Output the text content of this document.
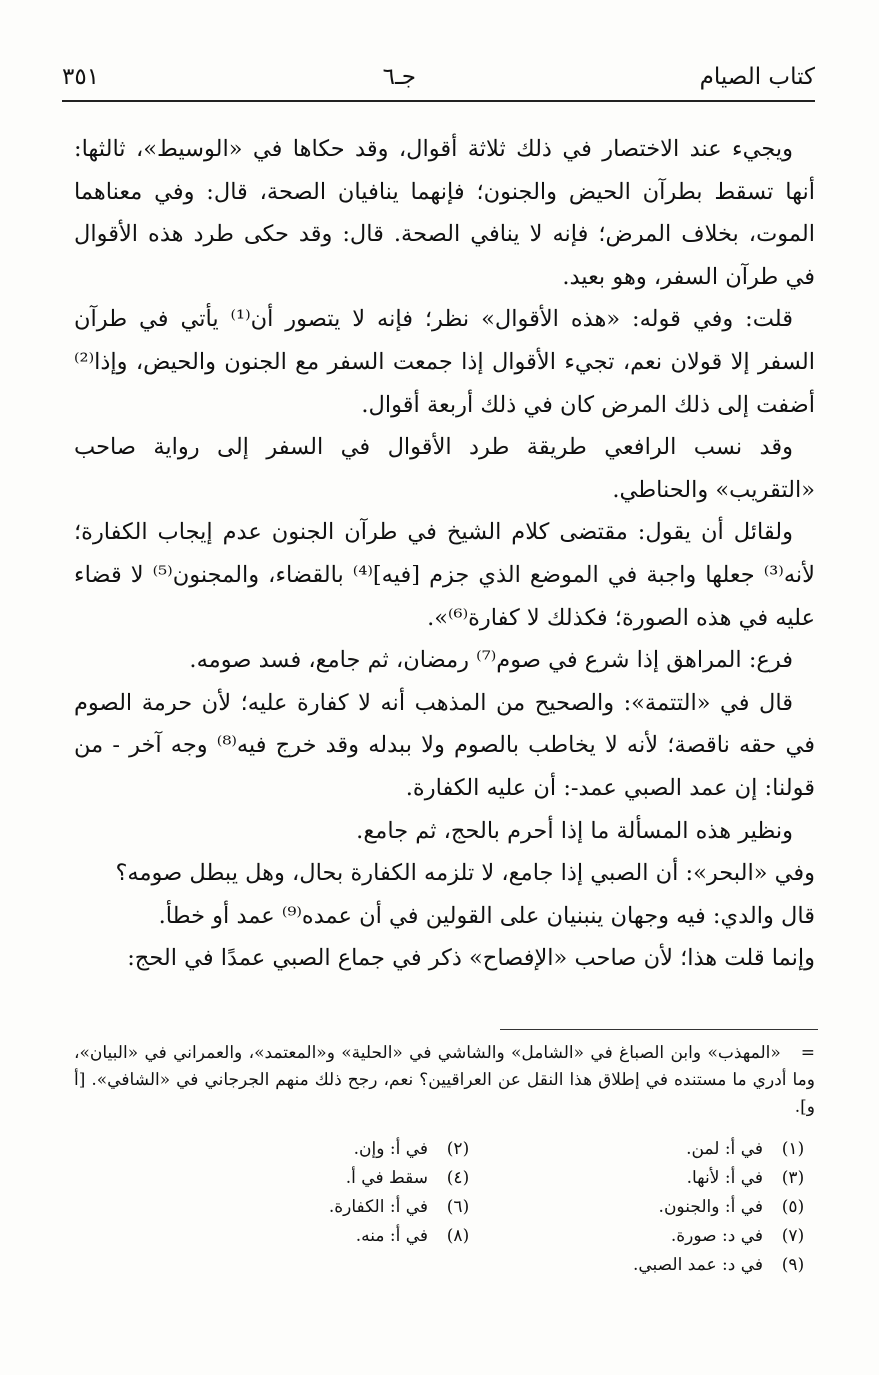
كتاب الصيام
جـ٦
٣٥١

ويجيء عند الاختصار في ذلك ثلاثة أقوال، وقد حكاها في «الوسيط»، ثالثها: أنها تسقط بطرآن الحيض والجنون؛ فإنهما ينافيان الصحة، قال: وفي معناهما الموت، بخلاف المرض؛ فإنه لا ينافي الصحة. قال: وقد حكى طرد هذه الأقوال في طرآن السفر، وهو بعيد.

قلت: وفي قوله: «هذه الأقوال» نظر؛ فإنه لا يتصور أن⁽¹⁾ يأتي في طرآن السفر إلا قولان نعم، تجيء الأقوال إذا جمعت السفر مع الجنون والحيض، وإذا⁽²⁾ أضفت إلى ذلك المرض كان في ذلك أربعة أقوال.

وقد نسب الرافعي طريقة طرد الأقوال في السفر إلى رواية صاحب «التقريب» والحناطي.

ولقائل أن يقول: مقتضى كلام الشيخ في طرآن الجنون عدم إيجاب الكفارة؛ لأنه⁽³⁾ جعلها واجبة في الموضع الذي جزم [فيه]⁽⁴⁾ بالقضاء، والمجنون⁽⁵⁾ لا قضاء عليه في هذه الصورة؛ فكذلك لا كفارة⁽⁶⁾».

فرع: المراهق إذا شرع في صوم⁽⁷⁾ رمضان، ثم جامع، فسد صومه.

قال في «التتمة»: والصحيح من المذهب أنه لا كفارة عليه؛ لأن حرمة الصوم في حقه ناقصة؛ لأنه لا يخاطب بالصوم ولا ببدله وقد خرج فيه⁽⁸⁾ وجه آخر - من قولنا: إن عمد الصبي عمد-: أن عليه الكفارة.

ونظير هذه المسألة ما إذا أحرم بالحج، ثم جامع.

وفي «البحر»: أن الصبي إذا جامع، لا تلزمه الكفارة بحال، وهل يبطل صومه؟

قال والدي: فيه وجهان ينبنيان على القولين في أن عمده⁽⁹⁾ عمد أو خطأ.

وإنما قلت هذا؛ لأن صاحب «الإفصاح» ذكر في جماع الصبي عمدًا في الحج:

=«المهذب» وابن الصباغ في «الشامل» والشاشي في «الحلية» و«المعتمد»، والعمراني في «البيان»، وما أدري ما مستنده في إطلاق هذا النقل عن العراقيين؟ نعم، رجح ذلك منهم الجرجاني في «الشافي». [أ و].
(١)في أ: لمن.
(٢)في أ: وإن.
(٣)في أ: لأنها.
(٤)سقط في أ.
(٥)في أ: والجنون.
(٦)في أ: الكفارة.
(٧)في د: صورة.
(٨)في أ: منه.
(٩)في د: عمد الصبي.
